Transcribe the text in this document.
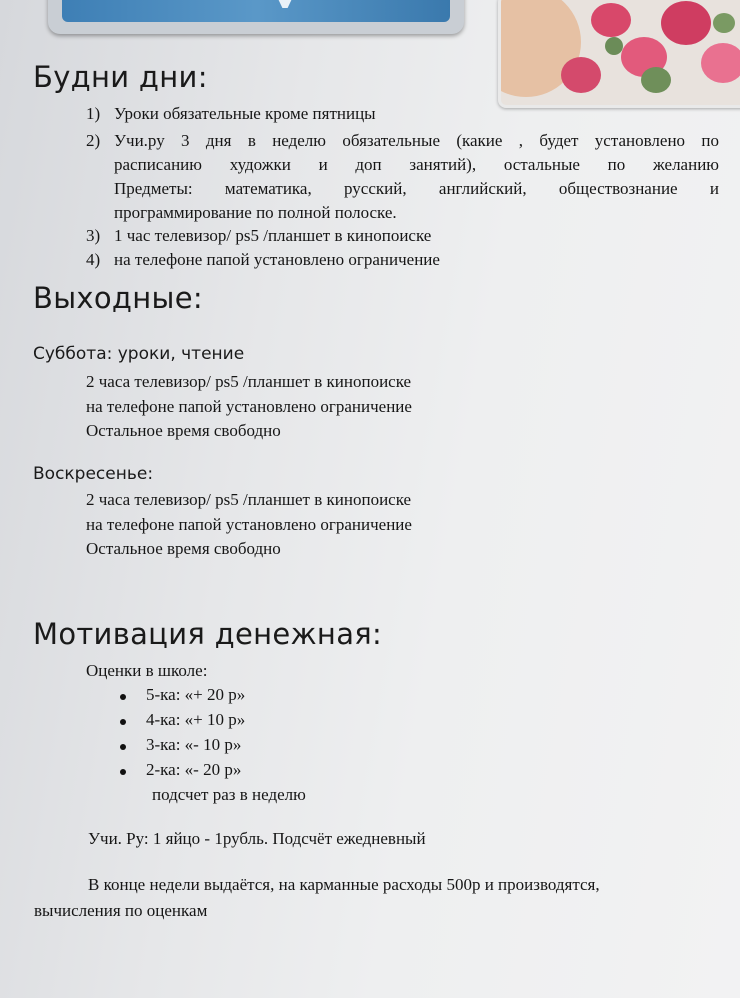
Будни дни:
1) Уроки обязательные кроме пятницы
2) Учи.ру 3 дня в неделю обязательные (какие , будет установлено по
расписанию художки и доп занятий), остальные по желанию
Предметы: математика, русский, английский, обществознание и
программирование по полной полоске.
3) 1 час телевизор/ ps5 /планшет в кинопоиске
4) на телефоне папой установлено ограничение
Выходные:
Суббота: уроки, чтение
2 часа телевизор/ ps5 /планшет в кинопоиске
на телефоне папой установлено ограничение
Остальное время свободно
Воскресенье:
2 часа телевизор/ ps5 /планшет в кинопоиске
на телефоне папой установлено ограничение
Остальное время свободно
Мотивация денежная:
Оценки в школе:
5-ка: «+ 20 р»
4-ка: «+ 10 р»
3-ка: «- 10 р»
2-ка: «- 20 р»
подсчет раз в неделю
Учи. Ру: 1 яйцо - 1рубль. Подсчёт ежедневный
В конце недели выдаётся, на карманные расходы 500р и производятся,
вычисления по оценкам
